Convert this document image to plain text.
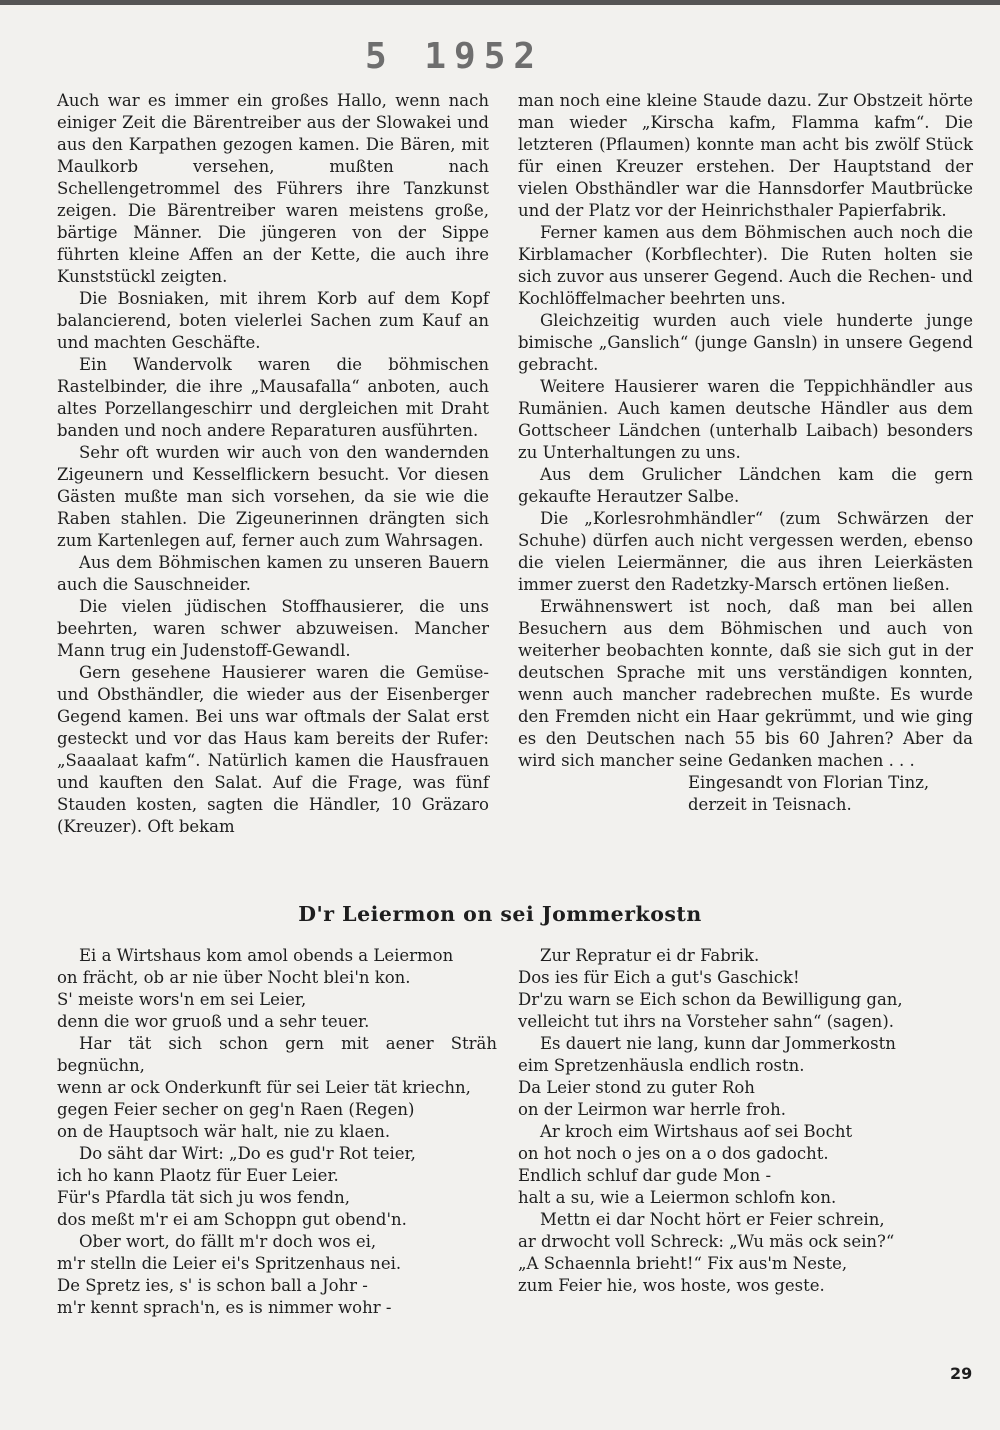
5 1952

Auch war es immer ein großes Hallo, wenn nach einiger Zeit die Bärentreiber aus der Slowakei und aus den Karpathen gezogen kamen. Die Bären, mit Maulkorb versehen, mußten nach Schellengetrommel des Führers ihre Tanzkunst zeigen. Die Bärentreiber waren meistens große, bärtige Männer. Die jüngeren von der Sippe führten kleine Affen an der Kette, die auch ihre Kunststückl zeigten.

Die Bosniaken, mit ihrem Korb auf dem Kopf balancierend, boten vielerlei Sachen zum Kauf an und machten Geschäfte.

Ein Wandervolk waren die böhmischen Rastelbinder, die ihre „Mausafalla“ anboten, auch altes Porzellangeschirr und dergleichen mit Draht banden und noch andere Reparaturen ausführten.

Sehr oft wurden wir auch von den wandernden Zigeunern und Kesselflickern besucht. Vor diesen Gästen mußte man sich vorsehen, da sie wie die Raben stahlen. Die Zigeunerinnen drängten sich zum Kartenlegen auf, ferner auch zum Wahrsagen.

Aus dem Böhmischen kamen zu unseren Bauern auch die Sauschneider.

Die vielen jüdischen Stoffhausierer, die uns beehrten, waren schwer abzuweisen. Mancher Mann trug ein Judenstoff-Gewandl.

Gern gesehene Hausierer waren die Gemüse- und Obsthändler, die wieder aus der Eisenberger Gegend kamen. Bei uns war oftmals der Salat erst gesteckt und vor das Haus kam bereits der Rufer: „Saaalaat kafm“. Natürlich kamen die Hausfrauen und kauften den Salat. Auf die Frage, was fünf Stauden kosten, sagten die Händler, 10 Gräzaro (Kreuzer). Oft bekam

man noch eine kleine Staude dazu. Zur Obstzeit hörte man wieder „Kirscha kafm, Flamma kafm“. Die letzteren (Pflaumen) konnte man acht bis zwölf Stück für einen Kreuzer erstehen. Der Hauptstand der vielen Obsthändler war die Hannsdorfer Mautbrücke und der Platz vor der Heinrichsthaler Papierfabrik.

Ferner kamen aus dem Böhmischen auch noch die Kirblamacher (Korbflechter). Die Ruten holten sie sich zuvor aus unserer Gegend. Auch die Rechen- und Kochlöffelmacher beehrten uns.

Gleichzeitig wurden auch viele hunderte junge bimische „Ganslich“ (junge Gansln) in unsere Gegend gebracht.

Weitere Hausierer waren die Teppichhändler aus Rumänien. Auch kamen deutsche Händler aus dem Gottscheer Ländchen (unterhalb Laibach) besonders zu Unterhaltungen zu uns.

Aus dem Grulicher Ländchen kam die gern gekaufte Herautzer Salbe.

Die „Korlesrohmhändler“ (zum Schwärzen der Schuhe) dürfen auch nicht vergessen werden, ebenso die vielen Leiermänner, die aus ihren Leierkästen immer zuerst den Radetzky-Marsch ertönen ließen.

Erwähnenswert ist noch, daß man bei allen Besuchern aus dem Böhmischen und auch von weiterher beobachten konnte, daß sie sich gut in der deutschen Sprache mit uns verständigen konnten, wenn auch mancher radebrechen mußte. Es wurde den Fremden nicht ein Haar gekrümmt, und wie ging es den Deutschen nach 55 bis 60 Jahren? Aber da wird sich mancher seine Gedanken machen . . .

Eingesandt von Florian Tinz,
derzeit in Teisnach.
D'r Leiermon on sei Jommerkostn

Ei a Wirtshaus kom amol obends a Leiermon
on frächt, ob ar nie über Nocht blei'n kon.
S' meiste wors'n em sei Leier,
denn die wor gruoß und a sehr teuer.

Har tät sich schon gern mit aener Sträh begnüchn,
wenn ar ock Onderkunft für sei Leier tät kriechn,
gegen Feier secher on geg'n Raen (Regen)
on de Hauptsoch wär halt, nie zu klaen.

Do säht dar Wirt: „Do es gud'r Rot teier,
ich ho kann Plaotz für Euer Leier.
Für's Pfardla tät sich ju wos fendn,
dos meßt m'r ei am Schoppn gut obend'n.

Ober wort, do fällt m'r doch wos ei,
m'r stelln die Leier ei's Spritzenhaus nei.
De Spretz ies, s' is schon ball a Johr -
m'r kennt sprach'n, es is nimmer wohr -

Zur Repratur ei dr Fabrik.
Dos ies für Eich a gut's Gaschick!
Dr'zu warn se Eich schon da Bewilligung gan,
velleicht tut ihrs na Vorsteher sahn“ (sagen).

Es dauert nie lang, kunn dar Jommerkostn
eim Spretzenhäusla endlich rostn.
Da Leier stond zu guter Roh
on der Leirmon war herrle froh.

Ar kroch eim Wirtshaus aof sei Bocht
on hot noch o jes on a o dos gadocht.
Endlich schluf dar gude Mon -
halt a su, wie a Leiermon schlofn kon.

Mettn ei dar Nocht hört er Feier schrein,
ar drwocht voll Schreck: „Wu mäs ock sein?“
„A Schaennla brieht!“ Fix aus'm Neste,
zum Feier hie, wos hoste, wos geste.

29
